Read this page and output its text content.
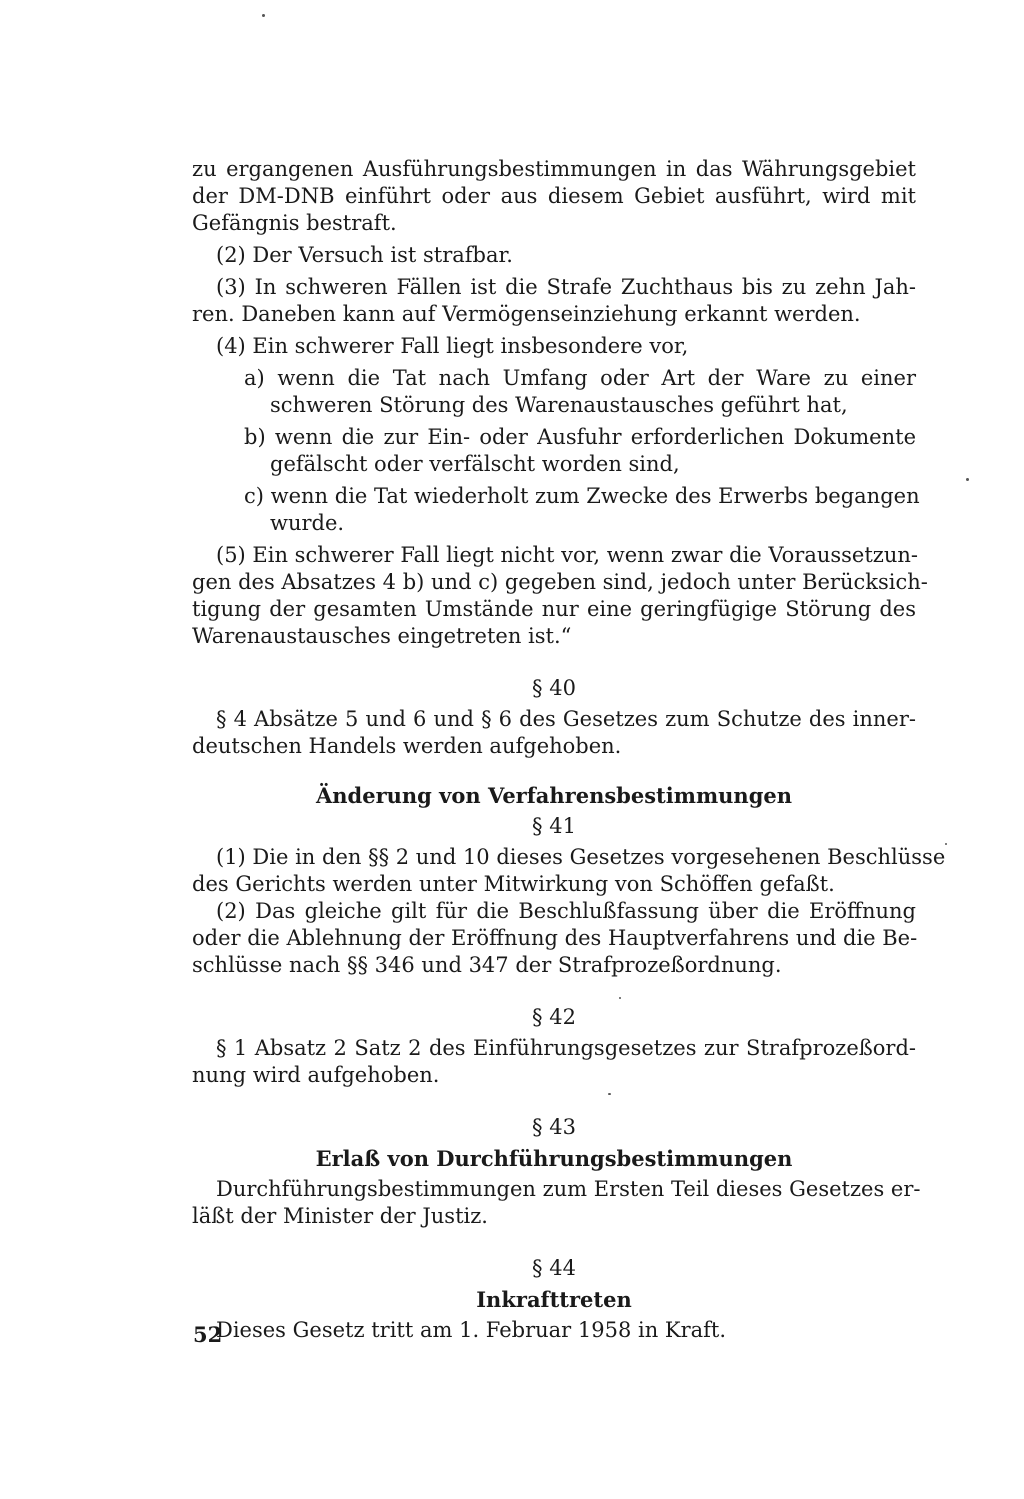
zu ergangenen Ausführungsbestimmungen in das Währungsgebiet
der DM-DNB einführt oder aus diesem Gebiet ausführt, wird mit
Gefängnis bestraft.
(2) Der Versuch ist strafbar.
(3) In schweren Fällen ist die Strafe Zuchthaus bis zu zehn Jah-
ren. Daneben kann auf Vermögenseinziehung erkannt werden.
(4) Ein schwerer Fall liegt insbesondere vor,
a) wenn die Tat nach Umfang oder Art der Ware zu einer
schweren Störung des Warenaustausches geführt hat,
b) wenn die zur Ein- oder Ausfuhr erforderlichen Dokumente
gefälscht oder verfälscht worden sind,
c) wenn die Tat wiederholt zum Zwecke des Erwerbs begangen
wurde.
(5) Ein schwerer Fall liegt nicht vor, wenn zwar die Voraussetzun-
gen des Absatzes 4 b) und c) gegeben sind, jedoch unter Berücksich-
tigung der gesamten Umstände nur eine geringfügige Störung des
Warenaustausches eingetreten ist.“
§ 40
§ 4 Absätze 5 und 6 und § 6 des Gesetzes zum Schutze des inner-
deutschen Handels werden aufgehoben.
Änderung von Verfahrensbestimmungen
§ 41
(1) Die in den §§ 2 und 10 dieses Gesetzes vorgesehenen Beschlüsse
des Gerichts werden unter Mitwirkung von Schöffen gefaßt.
(2) Das gleiche gilt für die Beschlußfassung über die Eröffnung
oder die Ablehnung der Eröffnung des Hauptverfahrens und die Be-
schlüsse nach §§ 346 und 347 der Strafprozeßordnung.
§ 42
§ 1 Absatz 2 Satz 2 des Einführungsgesetzes zur Strafprozeßord-
nung wird aufgehoben.
§ 43
Erlaß von Durchführungsbestimmungen
Durchführungsbestimmungen zum Ersten Teil dieses Gesetzes er-
läßt der Minister der Justiz.
§ 44
Inkrafttreten
Dieses Gesetz tritt am 1. Februar 1958 in Kraft.
52
